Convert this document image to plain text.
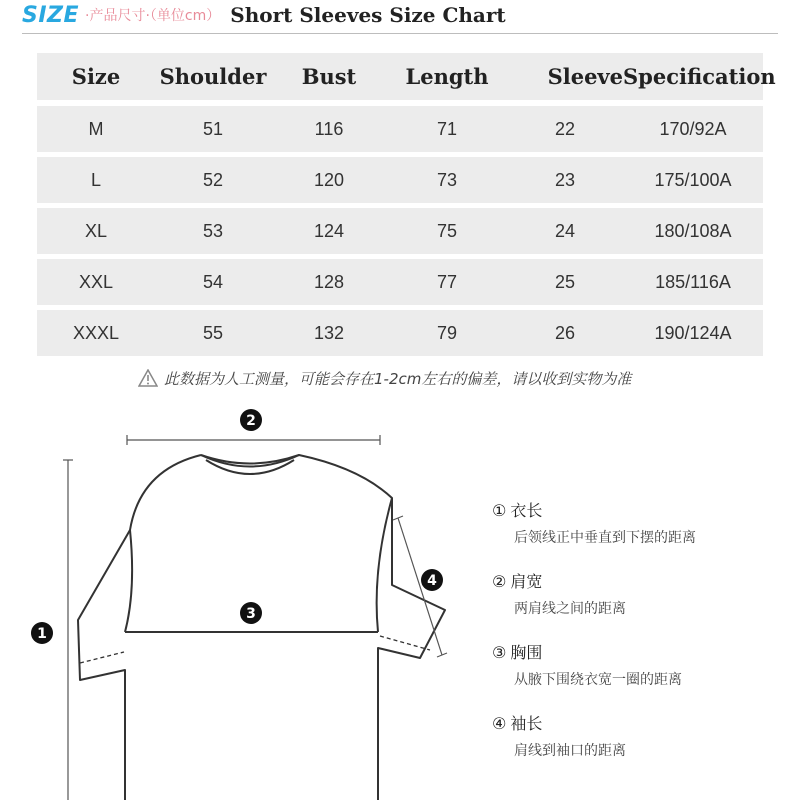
SIZE ·产品尺寸·（单位cm） Short Sleeves Size Chart
Size	Shoulder	Bust	Length	Sleeve Specification
M	51	116	71	22	170/92A
L	52	120	73	23	175/100A
XL	53	124	75	24	180/108A
XXL	54	128	77	25	185/116A
XXXL	55	132	79	26	190/124A
此数据为人工测量，可能会存在1-2cm左右的偏差，请以收到实物为准
2
3
1
4
① 衣长
后领线正中垂直到下摆的距离
② 肩宽
两肩线之间的距离
③ 胸围
从腋下围绕衣宽一圈的距离
④ 袖长
肩线到袖口的距离
